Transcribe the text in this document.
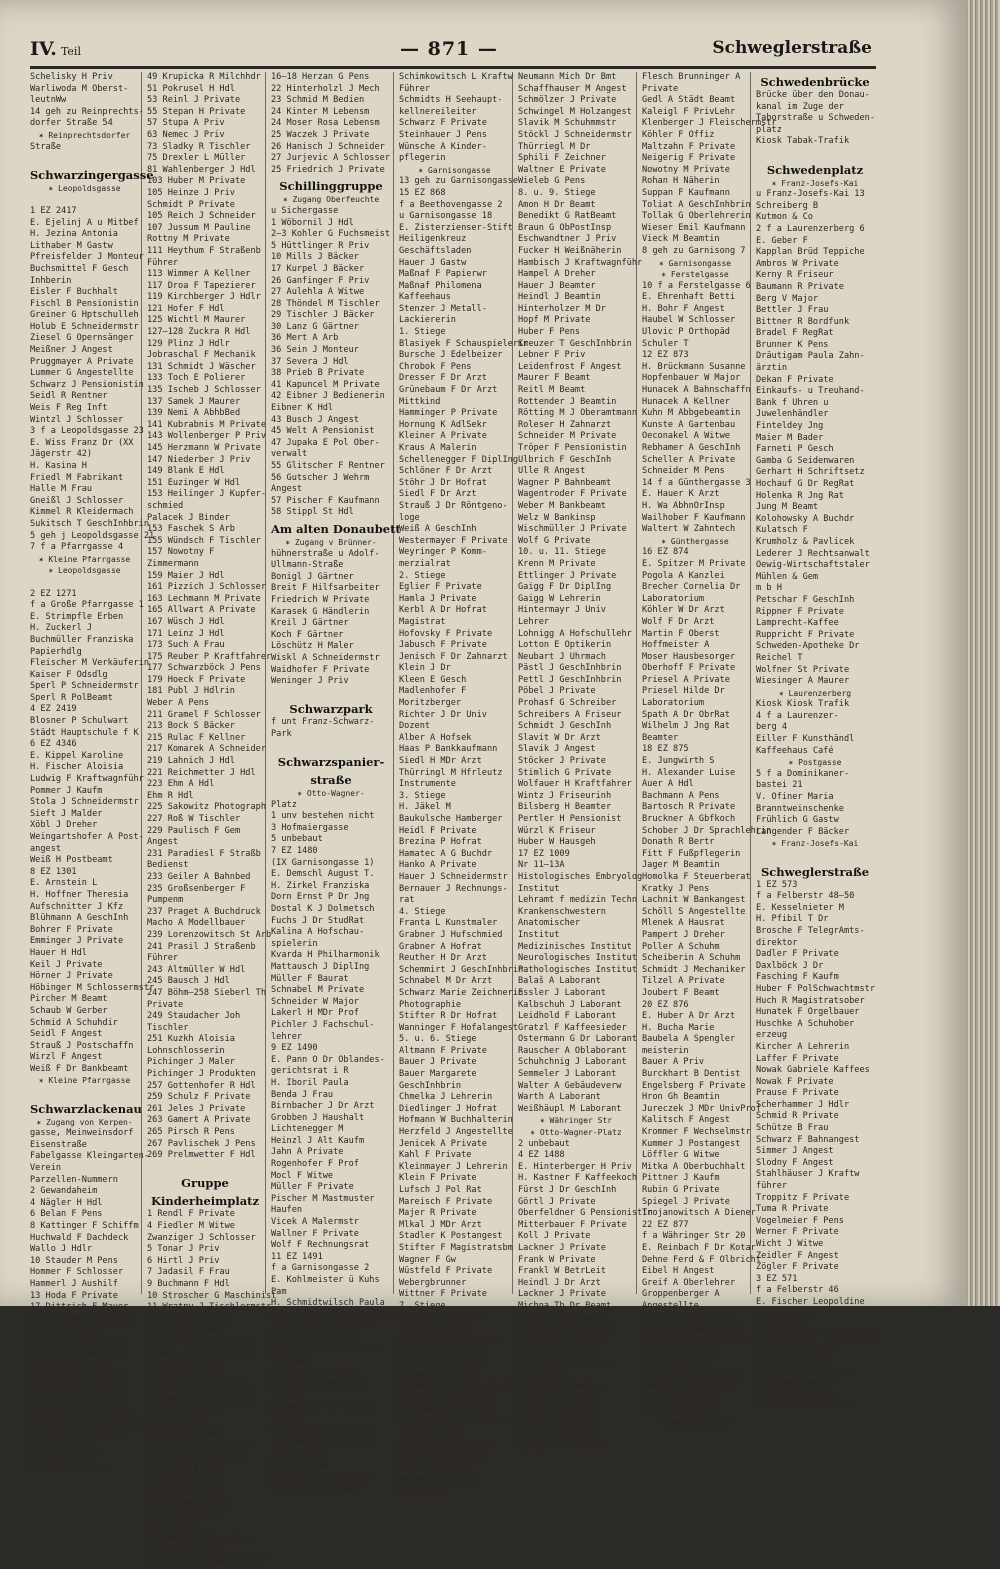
IV. Teil	— 871 —	Schweglerstraße
Schelisky H Priv
Warliwoda M Oberst-
leutnWw
14 geh zu Reinprechts-
dorfer Straße 54
✶ Reinprechtsdorfer
Straße

Schwarzingergasse
✶ Leopoldsgasse

1 EZ 2417
E. Ejelinj A u Mitbef
H. Jezina Antonia
Lithaber M Gastw
Pfreisfelder J Monteur
Buchsmittel F Gesch
Inhberin
Eisler F Buchhalt
Fischl B Pensionistin
Greiner G Hptschulleh
Holub E Schneidermstr
Ziesel G Opernsänger
Meißner J Angest
Pruggmayer A Private
Lummer G Angestellte
Schwarz J Pensionistin
Seidl R Rentner
Weis F Reg Inft
Wintzl J Schlosser
3 f a Leopoldsgasse 23
E. Wiss Franz Dr (XX
Jägerstr 42)
H. Kasina H
Friedl M Fabrikant
Halle M Frau
Gneißl J Schlosser
Kimmel R Kleidermach
Sukitsch T GeschInhbrin
5 geh j Leopoldsgasse 21
7 f a Pfarrgasse 4
✶ Kleine Pfarrgasse
✶ Leopoldsgasse

2 EZ 1271
f a Große Pfarrgasse 1
E. Strimpfle Erben
H. Zuckerl J
Buchmüller Franziska
Papierhdlg
Fleischer M Verkäuferin
Kaiser F Odsdlg
Sperl P Schneidermstr
Sperl R PolBeamt
4 EZ 2419
Blosner P Schulwart
Städt Hauptschule f K
6 EZ 4346
E. Kippel Karoline
H. Fischer Aloisia
Ludwig F Kraftwagnführ
Pommer J Kaufm
Stola J Schneidermstr
Sieft J Malder
Xöbl J Dreher
Weingartshofer A Post-
angest
Weiß H Postbeamt
8 EZ 1301
E. Arnstein L
H. Hoffner Theresia
Aufschnitter J Kfz
Blühmann A GeschInh
Bohrer F Private
Emminger J Private
Hauer H Hdl
Keil J Private
Hörner J Private
Höbinger M Schlossermstr
Pircher M Beamt
Schaub W Gerber
Schmid A Schuhdir
Seidl F Angest
Strauß J Postschaffn
Wirzl F Angest
Weiß F Dr Bankbeamt
✶ Kleine Pfarrgasse

Schwarzlackenau
✶ Zugang von Kerpen-
gasse, Meinweinsdorf
Eisenstraße
Fabelgasse Kleingarten-
Verein
Parzellen-Nummern
2 Gewandaheim
4 Nägler H Hdl
6 Belan F Pens
8 Kattinger F Schiffm
Huchwald F Dachdeck
Wallo J Hdlr
10 Stauder M Pens
Hommer F Schlosser
Hammerl J Aushilf
13 Hoda F Private
17 Dittrich F Mauer
19 — Frank R SpedArb
Grauer J Kaufm
21 Tschebe F Schuhm
23 Maier G Werkarb
Kalchmann F Hdlr
25 Schiejak A Hdlr
31 Brabec J Maurer
33 Nist R Schlosser
35 Rampir A Tischler
37 Haller G Briefpost
39 Trink F Tischler
43 Marconi F
Fellermeister
47 Fauna J Hdlr
49 Krupicka R Milchhdr
51 Pokrusel H Hdl
53 Reinl J Private
55 Stepan H Private
57 Stupa A Priv
63 Nemec J Priv
73 Sladky R Tischler
75 Drexler L Müller
81 Wahlenberger J Hdl
103 Huber M Private
105 Heinze J Priv
Schmidt P Private
105 Reich J Schneider
107 Jussum M Pauline
Rottny M Private
111 Heythum F Straßenb
Führer
113 Wimmer A Kellner
117 Droa F Tapezierer
119 Kirchberger J Hdlr
121 Hofer F Hdl
125 Wichtl M Maurer
127—128 Zuckra R Hdl
129 Plinz J Hdlr
Jobraschal F Mechanik
131 Schmidt J Wäscher
133 Toch E Polierer
135 Ischeb J Schlosser
137 Samek J Maurer
139 Nemi A AbhbBed
141 Kubrabnis M Private
143 Wollenberger P Priv
145 Herzmann W Private
147 Niederber J Priv
149 Blank E Hdl
151 Euzinger W Hdl
153 Heilinger J Kupfer-
schmied
Palacek J Binder
153 Faschek S Arb
155 Wündsch F Tischler
157 Nowotny F
Zimmermann
159 Maier J Hdl
161 Pizzich J Schlosser
163 Lechmann M Private
165 Allwart A Private
167 Wüsch J Hdl
171 Leinz J Hdl
173 Such A Frau
175 Reuber P Kraftfahrer
177 Schwarzböck J Pens
179 Hoeck F Private
181 Publ J Hdlrin
Weber A Pens
211 Gramel F Schlosser
213 Bock S Bäcker
215 Rulac F Kellner
217 Komarek A Schneider
219 Lahnich J Hdl
221 Reichmetter J Hdl
223 Ehm A Hdl
Ehm R Hdl
225 Sakowitz Photograph
227 Roß W Tischler
229 Paulisch F Gem
Angest
231 Paradiesl F Straßb
Bedienst
233 Geiler A Bahnbed
235 Großsenberger F
Pumpenm
237 Praget A Buchdruck
Macho A Modellbauer
239 Lorenzowitsch St Arb
241 Prasil J Straßenb
Führer
243 Altmüller W Hdl
245 Bausch J Hdl
247 Böhm—258 Sieberl Th
Private
249 Staudacher Joh
Tischler
251 Kuzkh Aloisia
Lohnschlosserin
Pichinger J Maler
Pichinger J Produkten
257 Gottenhofer R Hdl
259 Schulz F Private
261 Jeles J Private
263 Gamert A Private
265 Pirsch R Pens
267 Pavlischek J Pens
269 Prelmwetter F Hdl

Gruppe
Kinderheimplatz
1 Rendl F Private
4 Fiedler M Witwe
Zwanziger J Schlosser
5 Tonar J Priv
6 Hirtl J Priv
7 Jadasil F Frau
9 Buchmann F Hdl
10 Stroscher G Maschinist
11 Wratny J Tischlermstr
15 Rottner F Hdl
17 Zimmel J Hdl
19 Frahler J Spengler
Zimmel F Bahnbedienst
21 Reiter F Arb
23 Hörtl F Hdl
25 Bartal K GeschInh
27 Berger K GeschInh
Gold M Private
Kainz F Hdl
29 Wagner F Hdl
31 Schmidt J Geräter
33 Spanig J Private
35 Polet F Pens
37 Wagner J Hdl
37 Zimmel J Hdl
39 Sixtent J Hdl
Gruppe Rudolfs-
heimplatz
12 Benda E Schneider
14 Filip M Priv
15 Haaz J Lokomotivführ
16—18 Herzan G Pens
22 Hinterholzl J Mech
23 Schmid M Bedien
24 Kinter M Lebensm
24 Moser Rosa Lebensm
25 Waczek J Private
26 Hanisch J Schneider
27 Jurjevic A Schlosser
25 Friedrich J Private
Schillinggruppe
✶ Zugang Oberfeuchte
u Sichergasse
1 Wöbornil J Hdl
2—3 Kohler G Fuchsmeist
5 Hüttlinger R Priv
10 Mills J Bäcker
17 Kurpel J Bäcker
26 Ganfinger F Priv
27 Aulehla A Witwe
28 Thöndel M Tischler
29 Tischler J Bäcker
30 Lanz G Gärtner
36 Mert A Arb
36 Sein J Monteur
37 Severa J Hdl
38 Prieb B Private
41 Kapuncel M Private
42 Eibner J Bedienerin
Eibner K Hdl
43 Busch J Angest
45 Welt A Pensionist
47 Jupaka E Pol Ober-
verwalt
55 Glitscher F Rentner
56 Gutscher J Wehrm
Angest
57 Pischer F Kaufmann
58 Stippl St Hdl
Am alten Donaubett
✶ Zugang v Brünner-
hühnerstraße u Adolf-
Ullmann-Straße
Bonigl J Gärtner
Breit F Hilfsarbeiter
Friedrich W Private
Karasek G Händlerin
Kreil J Gärtner
Koch F Gärtner
Löschütz H Maler
Wiskl A Schneidermstr
Waidhofer F Private
Weninger J Priv

Schwarzpark
f unt Franz-Schwarz-
Park

Schwarzspanier-
straße
✶ Otto-Wagner-
Platz
1 unv bestehen nicht
3 Hofmaiergasse
5 unbebaut
7 EZ 1480
(IX Garnisongasse 1)
E. Demschl August T.
H. Zirkel Franziska
Dorn Ernst P Dr Jng
Dostal K J Dolmetsch
Fuchs J Dr StudRat
Kalina A Hofschau-
spielerin
Kvarda H Philharmonik
Mattausch J DiplIng
Müller F Baurat
Schnabel M Private
Schneider W Major
Lakerl H MDr Prof
Pichler J Fachschul-
lehrer
9 EZ 1490
E. Pann O Dr Oblandes-
gerichtsrat i R
H. Iboril Paula
Benda J Frau
Birnbacher J Dr Arzt
Grobben J Haushalt
Lichtenegger M
Heinzl J Alt Kaufm
Jahn A Private
Rogenhofer F Prof
Mocl F Witwe
Müller F Private
Pischer M Mastmuster
Haufen
Vicek A Malermstr
Wallner F Private
Wolf F Rechnungsrat
11 EZ 1491
f a Garnisongasse 2
E. Kohlmeister ü Kuhs
Pam
H. Schmidtwilsch Paula
Hauschild J Dr Pol Oberst
Fürst F Dr Zahnarzt
Kosik J Referent
Grundlach W Buchhalter
Vorstand
Hermann W Private
Kronik J Oberspiel-
leiter
Kroegler F Dr Opern-
sänger
Kühtreiber P DiplIng
Liebhaber A Jng Arzt
Lorenz G Dr
Ott F Witwe
Preschern R DiplIng
Schiller A Witwe
Schimkowitsch L Kraftw
Führer
Schmidts H Seehaupt-
kellnereileiter
Schwarz F Private
Steinhauer J Pens
Wünsche A Kinder-
pflegerin
✶ Garnisongasse
13 geh zu Garnisongasse
15 EZ 868
f a Beethovengasse 2
u Garnisongasse 18
E. Zisterzienser-Stift
Heiligenkreuz
Geschäftsladen
Hauer J Gastw
Maßnaf F Papierwr
Maßnaf Philomena
Kaffeehaus
Stenzer J Metall-
Lackiererin
1. Stiege
Blasiyek F Schauspielerin
Bursche J Edelbeizer
Chrobok F Pens
Dresser F Dr Arzt
Grünebaum F Dr Arzt
Mittkind
Hamminger P Private
Hornung K AdlSekr
Kleiner A Private
Kraus A Malerin
Schellenegger F DiplIng
Schlöner F Dr Arzt
Stöhr J Dr Hofrat
Siedl F Dr Arzt
Strauß J Dr Röntgeno-
loge
Weiß A GeschInh
Westermayer F Private
Weyringer P Komm-
merzialrat
2. Stiege
Eglier F Private
Hamla J Private
Kerbl A Dr Hofrat
Magistrat
Hofovsky F Private
Jabusch F Private
Jenisch F Dr Zahnarzt
Klein J Dr
Kleen E Gesch
Madlenhofer F
Moritzberger
Richter J Dr Univ
Dozent
Alber A Hofsek
Haas P Bankkaufmann
Siedl H MDr Arzt
Thürringl M Hfrleutz
Instrumente
3. Stiege
H. Jäkel M
Baukulsche Hamberger
Heidl F Private
Brezina P Hofrat
Hamatec A G Buchdr
Hanko A Private
Hauer J Schneidermstr
Bernauer J Rechnungs-
rat
4. Stiege
Franta L Kunstmaler
Grabner J Hufschmied
Grabner A Hofrat
Reuther H Dr Arzt
Schemmirt J GeschInhbrin
Schnabel M Dr Arzt
Schwarz Marie Zeichnerin
Photographie
Stifter R Dr Hofrat
Wanninger F Hofalangest
5. u. 6. Stiege
Altmann F Private
Bauer J Private
Bauer Margarete
GeschInhbrin
Chmelka J Lehrerin
Diedlinger J Hofrat
Hofmann W Buchhalterin
Herzfeld J Angestellte
Jenicek A Private
Kahl F Private
Kleinmayer J Lehrerin
Klein F Private
Lufsch J Pol Rat
Mareisch F Private
Majer R Private
Mlkal J MDr Arzt
Stadler K Postangest
Stifter F Magistratsbm
Wagner F Gw
Wüstfeld F Private
Webergbrunner
Wittner F Private
7. Stiege
Grabl Jun W Bahn-
Fabrikdirektor
Hartner J Lackierer
Hartner J Private
Haslick F Goldarb
Hofmann A Witwe
Kaufmann F Pensionistin
Kattner H GeschInh
Kollmann F Zahnarzt
Kollhofer F städtBeamt
Layer M Frau
Maßnaf F Papierhdr
Maßnaf F DiplIng
Maier F Gesch
Wöhrer J Postsp
Kontrolor
Neumann Mich Dr Bmt
Schaffhauser M Angest
Schmölzer J Private
Schwingel M Holzangest
Slavik M Schuhmmstr
Stöckl J Schneidermstr
Thürriegl M Dr
Sphili F Zeichner
Waltner E Private
Wieleb G Pens
8. u. 9. Stiege
Amon H Dr Beamt
Benedikt G RatBeamt
Braun G ObPostInsp
Eschwandtner J Priv
Fucker H Weißnäherin
Hambisch J Kraftwagnführ
Hampel A Dreher
Hauer J Beamter
Heindl J Beamtin
Hinterholzer M Dr
Hopf M Private
Huber F Pens
Kreuzer T GeschInhbrin
Lebner F Priv
Leidenfrost F Angest
Maurer F Beamt
Reitl M Beamt
Rottender J Beamtin
Rötting M J Oberamtmann
Roleser H Zahnarzt
Schneider M Private
Tröper F Pensionistin
Ulbrich F GeschInh
Ulle R Angest
Wagner P Bahnbeamt
Wagentroder F Private
Weber M Bankbeamt
Welz W Bankinsp
Wischmüller J Private
Wolf G Private
10. u. 11. Stiege
Krenn M Private
Ettlinger J Private
Gaigg F Dr DiplIng
Gaigg W Lehrerin
Hintermayr J Univ
Lehrer
Lohnigg A Hofschullehr
Lotton E Optikerin
Neubart J Uhrmach
Pästl J GeschInhbrin
Pettl J GeschInhbrin
Pöbel J Private
Prohasf G Schreiber
Schreibers A Friseur
Schmidt J GeschInh
Slavit W Dr Arzt
Slavik J Angest
Stöcker J Private
Stimlich G Private
Wolfauer H Kraftfahrer
Wintz J Friseurinh
Bilsberg H Beamter
Pertler H Pensionist
Würzl K Friseur
Huber W Hausgeh
17 EZ 1009
Nr 11—13A
Histologisches Embryolog
Institut
Lehramt f medizin Techn
Krankenschwestern
Anatomischer
Institut
Medizinisches Institut
Neurologisches Institut
Pathologisches Institut
Balaš A Laborant
Essler J Laborant
Kalbschuh J Laborant
Leidhold F Laborant
Gratzl F Kaffeesieder
Ostermann G Dr Laborant
Rauscher A Oblaborant
Schuhchnig J Laborant
Semmeler J Laborant
Walter A Gebäudeverw
Warth A Laborant
Weißhäupl M Laborant
✶ Währinger Str
✶ Otto-Wagner-Platz
2 unbebaut
4 EZ 1488
E. Hinterberger H Priv
H. Kastner F Kaffeekoch
Fürst J Dr GeschInh
Görtl J Private
Oberfeldner G Pensionistin
Mitterbauer F Private
Koll J Private
Lackner J Private
Frank W Private
Frankl W BetrLeit
Heindl J Dr Arzt
Lackner J Private
Michna Th Dr Beamt
Pluch J Dr Angest
Ulzipec H GeschInh
Schmied J Private
Stöckl J Private
Thurz J Dr PrimArzt
6 EZ 1487
E. Nowak Hermine
Gabler M Private
Sernt F Private
Böhm A Schneider
Böhm R MDr Arzt
Spiegel G Private
Flesch Brunninger A
Private
Gedl A Städt Beamt
Kaleigl F PrivLehr
Klenberger J Fleischermstr
Köhler F Offiz
Maltzahn F Private
Neigerig F Private
Nowotny M Private
Rohan H Näherin
Suppan F Kaufmann
Toliat A GeschInhbrin
Tollak G Oberlehrerin
Wieser Emil Kaufmann
Vieck M Beamtin
8 geh zu Garnisong 7
✶ Garnisongasse
✶ Ferstelgasse
10 f a Ferstelgasse 6
E. Ehrenhaft Betti
H. Bohr F Angest
Haubel W Schlosser
Ulovic P Orthopäd
Schuler T
12 EZ 873
H. Brückmann Susanne
Hopfenbauer W Major
Hunacek A Bahnschaffn
Hunacek A Kellner
Kuhn M Abbgebeamtin
Kunste A Gartenbau
Oeconakel A Witwe
Rebhamer A GeschInh
Scheller A Private
Schneider M Pens
14 f a Günthergasse 3
E. Hauer K Arzt
H. Wa AbhnOrInsp
Wailhober F Kaufmann
Waltert W Zahntech
✶ Günthergasse
16 EZ 874
E. Spitzer M Private
Pogola A Kanzlei
Brecher Cornelia Dr
Laboratorium
Köhler W Dr Arzt
Wolf F Dr Arzt
Martin F Oberst
Hoffmeister A
Moser Hausbesorger
Oberhoff F Private
Priesel A Private
Priesel Hilde Dr
Laboratorium
Spath A Dr ObrRat
Wilhelm J Jng Rat
Beamter
18 EZ 875
E. Jungwirth S
H. Alexander Luise
Auer A Hdl
Bachmann A Pens
Bartosch R Private
Bruckner A Gbfkoch
Schober J Dr Sprachlehrin
Donath R Bertr
Fitt F Fußpflegerin
Jager M Beamtin
Homolka F Steuerberat
Kratky J Pens
Lachnit W Bankangest
Schöll S Angestellte
Mlenek A Hausrat
Pampert J Dreher
Poller A Schuhm
Scheiberin A Schuhm
Schmidt J Mechaniker
Tilzel A Private
Joubert F Beamt
20 EZ 876
E. Huber A Dr Arzt
H. Bucha Marie
Baubela A Spengler
meisterin
Bauer A Priv
Burckhart B Dentist
Engelsberg F Private
Hron Gh Beamtin
Jureczek J MDr UnivProf
Kalitsch F Angest
Krommer F Wechselmstr
Kummer J Postangest
Löffler G Witwe
Mitka A Oberbuchhalt
Pittner J Kaufm
Rubin G Private
Spiegel J Private
Trojanowitsch A Diener
22 EZ 877
f a Währinger Str 20
E. Reinbach F Dr Kotar
Dehne Ferd & F Olbricht
Eibel H Angest
Greif A Oberlehrer
Groppenberger A
Angestellte
Hackenberg A Gastw
Hruby F Gebäudeverw
Kaupe Anna Kaffeehaus
Kaupe F Musiker
Kuban J Beamt
Kalkinder M Private
Lang J Steuerberat
Lerch A Private
Lerch M Private
✶ Währinger Str
Schwedenbrücke
Brücke über den Donau-
kanal im Zuge der
Taborstraße u Schweden-
platz
Kiosk Tabak-Trafik

Schwedenplatz
✶ Franz-Josefs-Kai
u Franz-Josefs-Kai 13
Schreiberg B
Kutmon & Co
2 f a Laurenzerberg 6
E. Geber F
Kapplan Brüd Teppiche
Ambros W Private
Kerny R Friseur
Baumann R Private
Berg V Major
Bettler J Frau
Bittner R Bordfunk
Bradel F RegRat
Brunner K Pens
Dräutigam Paula Zahn-
ärztin
Dekan F Private
Einkaufs- u Treuhand-
Bank f Uhren u
Juwelenhändler
Finteldey Jng
Maier M Bader
Farneti P Gesch
Gamba G Seidenwaren
Gerhart H Schriftsetz
Hochauf G Dr RegRat
Holenka R Jng Rat
Jung M Beamt
Kolohowsky A Buchdr
Kulatsch F
Krumholz & Pavlicek
Lederer J Rechtsanwalt
Oewig-Wirtschaftstaler
Mühlen & Gem
m b H
Petschar F GeschInh
Rippner F Private
Lamprecht-Kaffee
Ruppricht F Private
Schweden-Apotheke Dr
Reichel T
Wolfner St Private
Wiesinger A Maurer
✶ Laurenzerberg
Kiosk Kiosk Trafik
4 f a Laurenzer-
berg 4
Eiller F Kunsthändl
Kaffeehaus Café
✶ Postgasse
5 f a Dominikaner-
bastei 21
V. Ofiner Maria
Branntweinschenke
Frühlich G Gastw
Langender F Bäcker
✶ Franz-Josefs-Kai

Schweglerstraße
1 EZ 573
f a Felberstr 48—50
E. Kesselnieter M
H. Pfibil T Dr
Brosche F TelegrAmts-
direktor
Dadler F Private
Daxlböck J Dr
Fasching F Kaufm
Huber F PolSchwachtmstr
Huch R Magistratsober
Hunatek F Orgelbauer
Huschke A Schuhober
erzeug
Kircher A Lehrerin
Laffer F Private
Nowak Gabriele Kaffees
Nowak F Private
Prause F Private
Scherhammer J Hdlr
Schmid R Private
Schütze B Frau
Schwarz F Bahnangest
Simmer J Angest
Slodny F Angest
Stahlhäuser J Kraftw
führer
Troppitz F Private
Tuma R Private
Vogelmeier F Pens
Werner F Private
Wicht J Witwe
Zeidler F Angest
Zögler F Private
3 EZ 571
f a Felberstr 46
E. Fischer Leopoldine
H. Zachek Fr
Cubrina Bm
Cykelhuber F Obermeister
Fehler F Private
Fehler F Witwe
Freud R Kaffeehaus
Koppenwallner F
Göbel J Private
Gratlonskr M Markör
